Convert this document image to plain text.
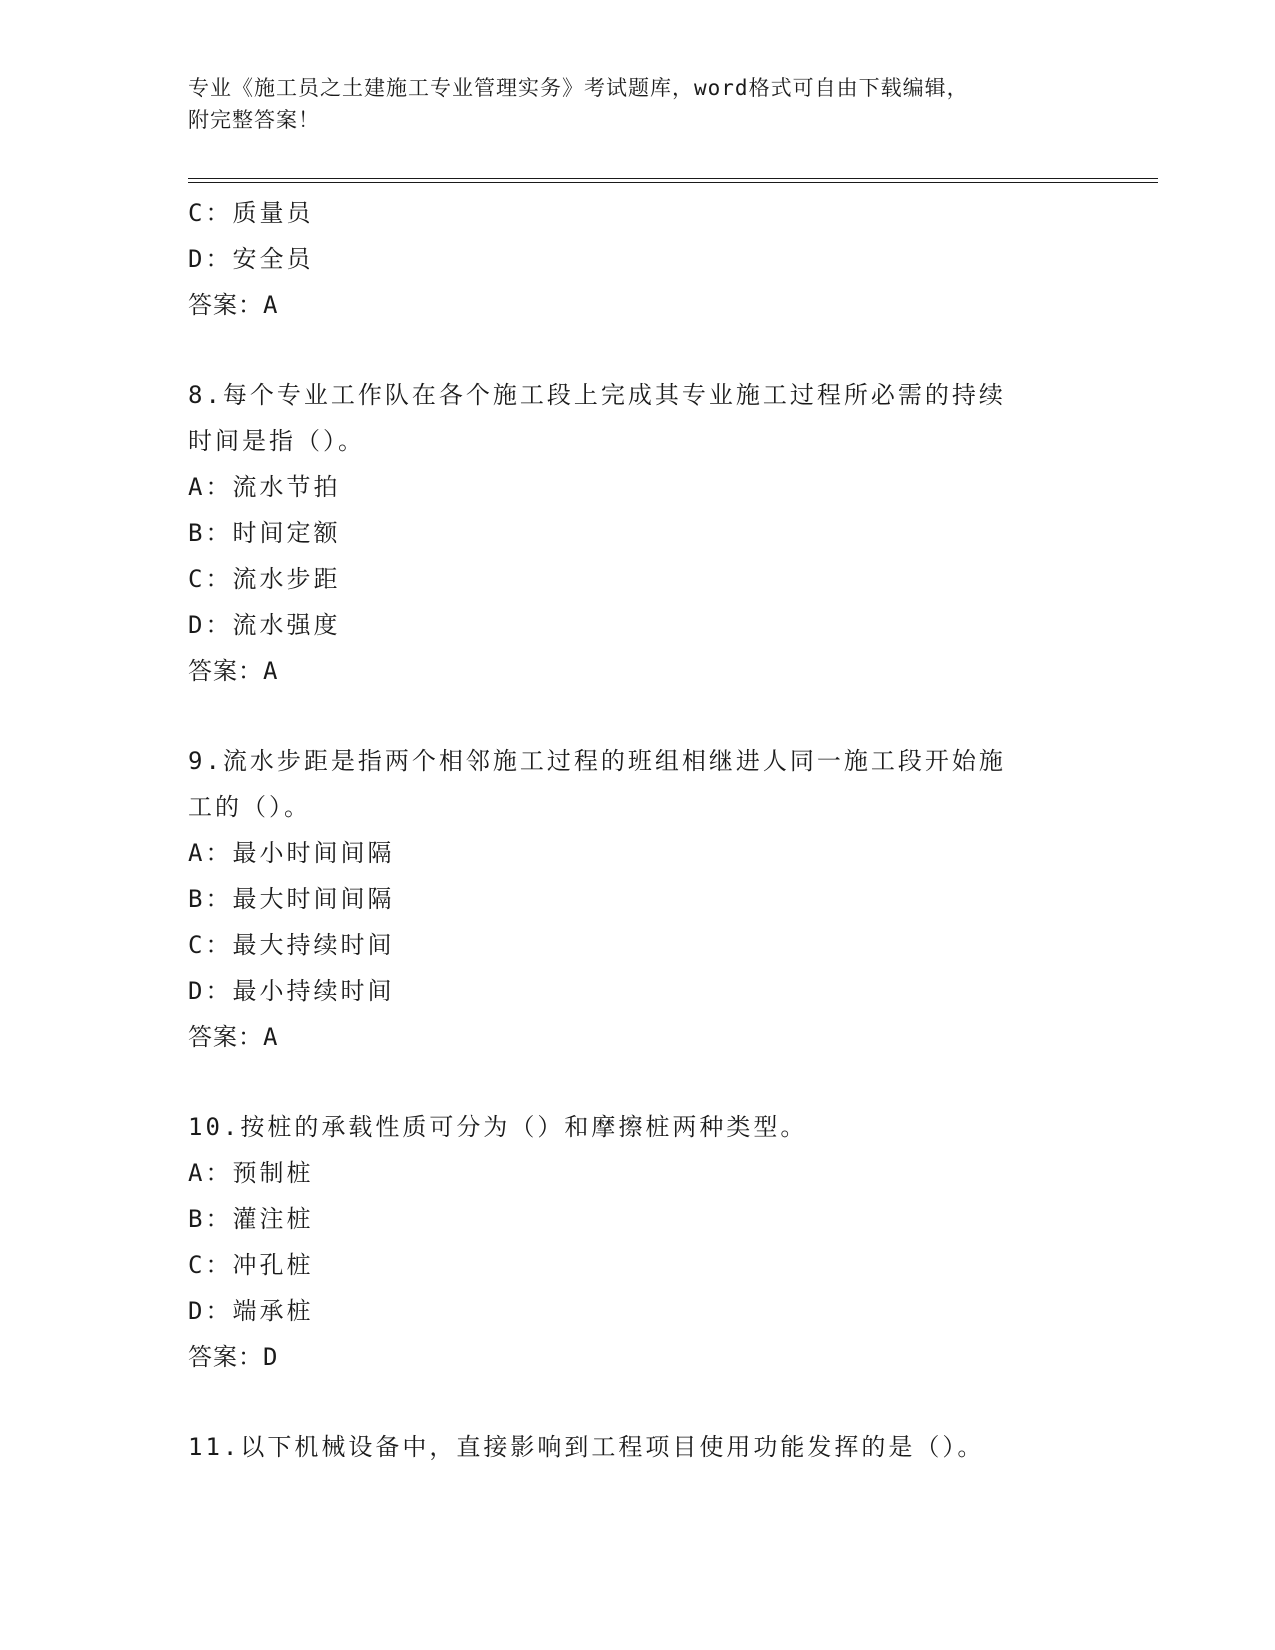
专业《施工员之土建施工专业管理实务》考试题库，word格式可自由下载编辑，
附完整答案！
C：质量员
D：安全员
答案：A
8.每个专业工作队在各个施工段上完成其专业施工过程所必需的持续
时间是指（）。
A：流水节拍
B：时间定额
C：流水步距
D：流水强度
答案：A
9.流水步距是指两个相邻施工过程的班组相继进人同一施工段开始施
工的（）。
A：最小时间间隔
B：最大时间间隔
C：最大持续时间
D：最小持续时间
答案：A
10.按桩的承载性质可分为（）和摩擦桩两种类型。
A：预制桩
B：灌注桩
C：冲孔桩
D：端承桩
答案：D
11.以下机械设备中，直接影响到工程项目使用功能发挥的是（）。
